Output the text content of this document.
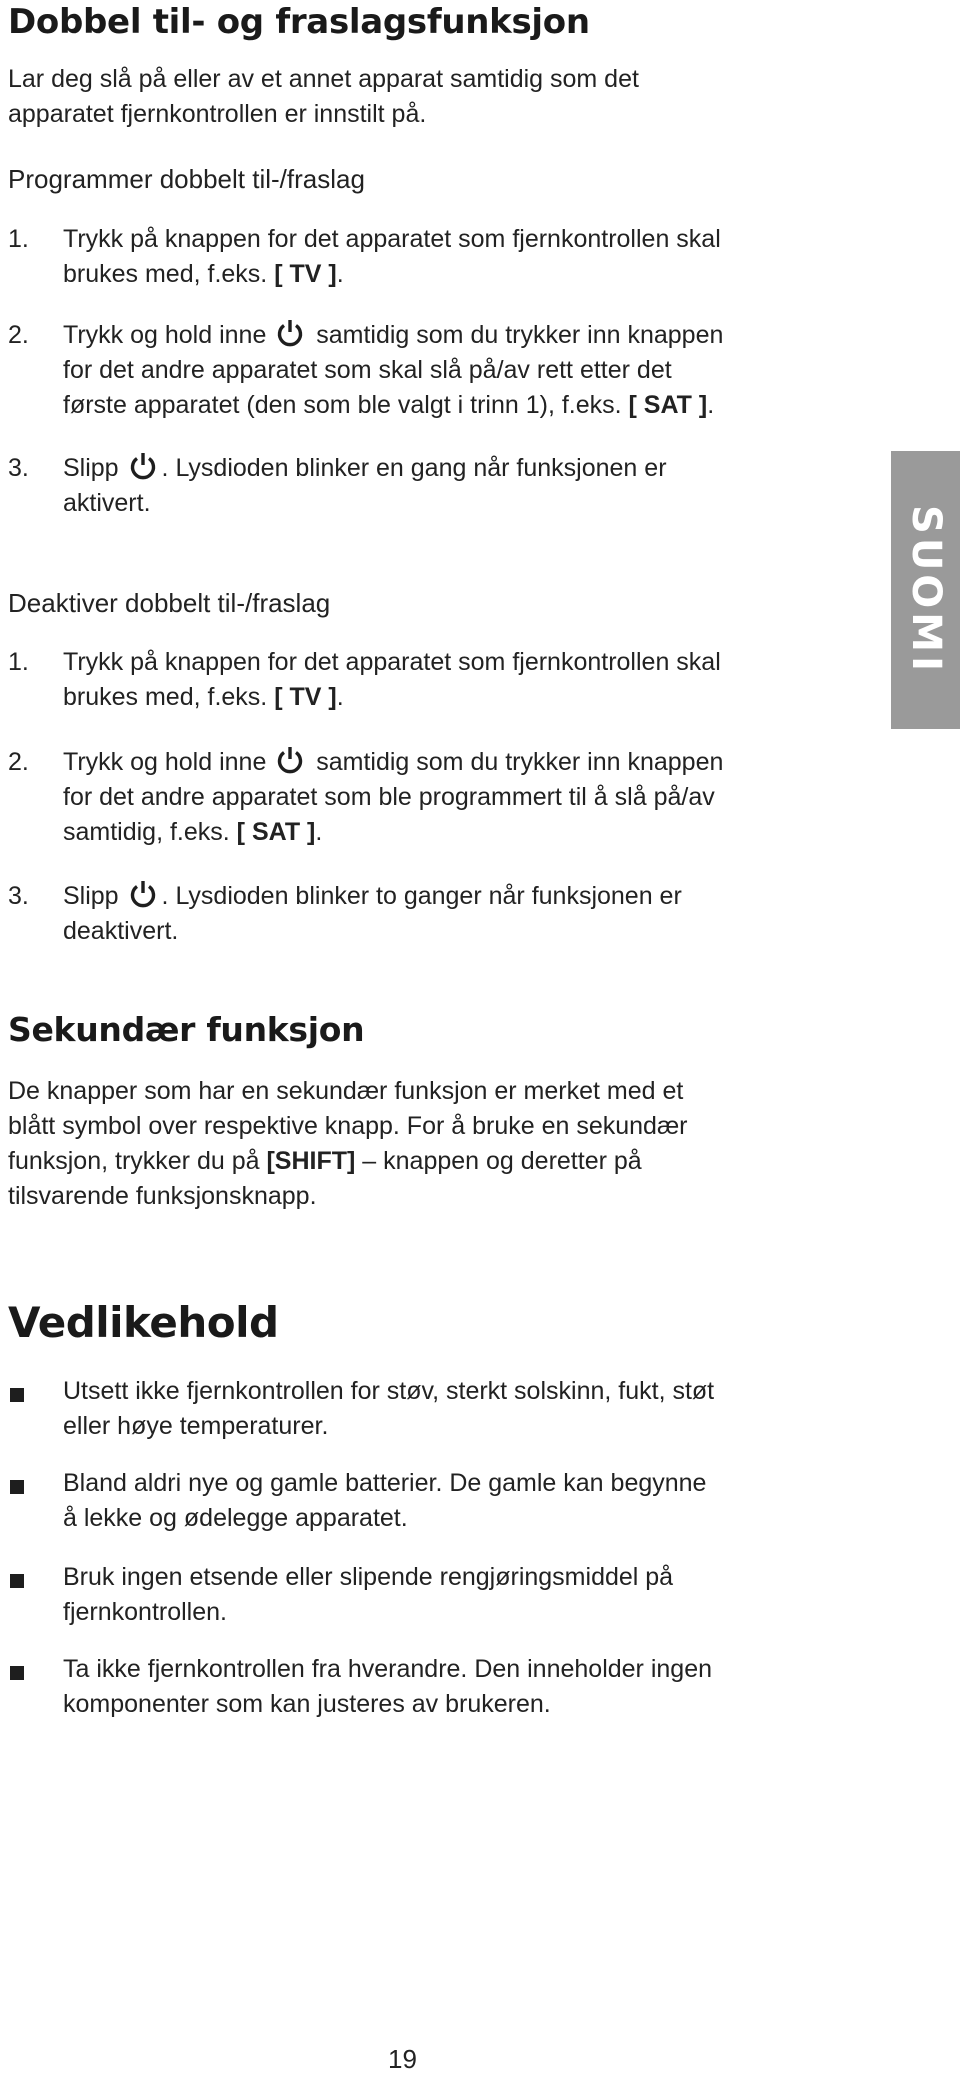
Dobbel til- og fraslagsfunksjon
Lar deg slå på eller av et annet apparat samtidig som det
apparatet fjernkontrollen er innstilt på.
Programmer dobbelt til-/fraslag
1.	Trykk på knappen for det apparatet som fjernkontrollen skal
brukes med, f.eks. [ TV ].
2.	Trykk og hold inne
samtidig som du trykker inn knappen
for det andre apparatet som skal slå på/av rett etter det
første apparatet (den som ble valgt i trinn 1), f.eks. [ SAT ].
3.	Slipp
. Lysdioden blinker en gang når funksjonen er
aktivert.
Deaktiver dobbelt til-/fraslag
1.	Trykk på knappen for det apparatet som fjernkontrollen skal
brukes med, f.eks. [ TV ].
2.	Trykk og hold inne
samtidig som du trykker inn knappen
for det andre apparatet som ble programmert til å slå på/av
samtidig, f.eks. [ SAT ].
3.	Slipp
. Lysdioden blinker to ganger når funksjonen er
deaktivert.
Sekundær funksjon
De knapper som har en sekundær funksjon er merket med et
blått symbol over respektive knapp. For å bruke en sekundær
funksjon, trykker du på [SHIFT] – knappen og deretter på
tilsvarende funksjonsknapp.
Vedlikehold
Utsett ikke fjernkontrollen for støv, sterkt solskinn, fukt, støt
eller høye temperaturer.
Bland aldri nye og gamle batterier. De gamle kan begynne
å lekke og ødelegge apparatet.
Bruk ingen etsende eller slipende rengjøringsmiddel på
fjernkontrollen.
Ta ikke fjernkontrollen fra hverandre. Den inneholder ingen
komponenter som kan justeres av brukeren.
SUOMI
19
